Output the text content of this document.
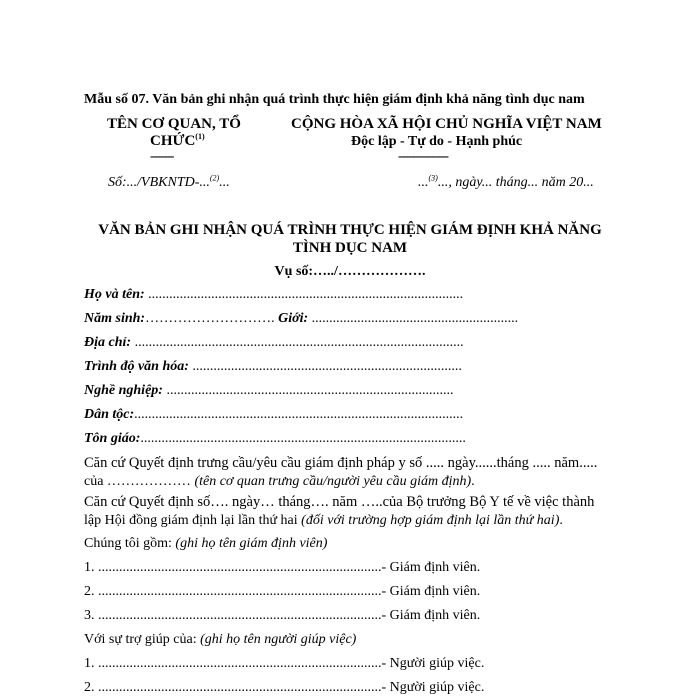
Mẫu số 07. Văn bản ghi nhận quá trình thực hiện giám định khả năng tình dục nam
TÊN CƠ QUAN, TỔ
CHỨC$^{(1)}$
-------
CỘNG HÒA XÃ HỘI CHỦ NGHĨA VIỆT NAM
Độc lập - Tự do - Hạnh phúc
---------------
Số:.../VBKNTD-...$^{(2)}$...	...$^{(3)}$..., ngày... tháng... năm 20...
VĂN BẢN GHI NHẬN QUÁ TRÌNH THỰC HIỆN GIÁM ĐỊNH KHẢ NĂNG
TÌNH DỤC NAM
Vụ số:…../……………….
Họ và tên: ..........................................................................................
Năm sinh:………………………. Giới: ...........................................................
Địa chỉ: ..............................................................................................
Trình độ văn hóa: .............................................................................
Nghề nghiệp: ..................................................................................
Dân tộc:..............................................................................................
Tôn giáo:.............................................................................................
Căn cứ Quyết định trưng cầu/yêu cầu giám định pháp y số ..... ngày......tháng ..... năm.....
của ……………… (tên cơ quan trưng cầu/người yêu cầu giám định).
Căn cứ Quyết định số…. ngày… tháng…. năm …..của Bộ trưởng Bộ Y tế về việc thành
lập Hội đồng giám định lại lần thứ hai (đối với trường hợp giám định lại lần thứ hai).
Chúng tôi gồm: (ghi họ tên giám định viên)
1. .................................................................................- Giám định viên.
2. .................................................................................- Giám định viên.
3. .................................................................................- Giám định viên.
Với sự trợ giúp của: (ghi họ tên người giúp việc)
1. .................................................................................- Người giúp việc.
2. .................................................................................- Người giúp việc.
